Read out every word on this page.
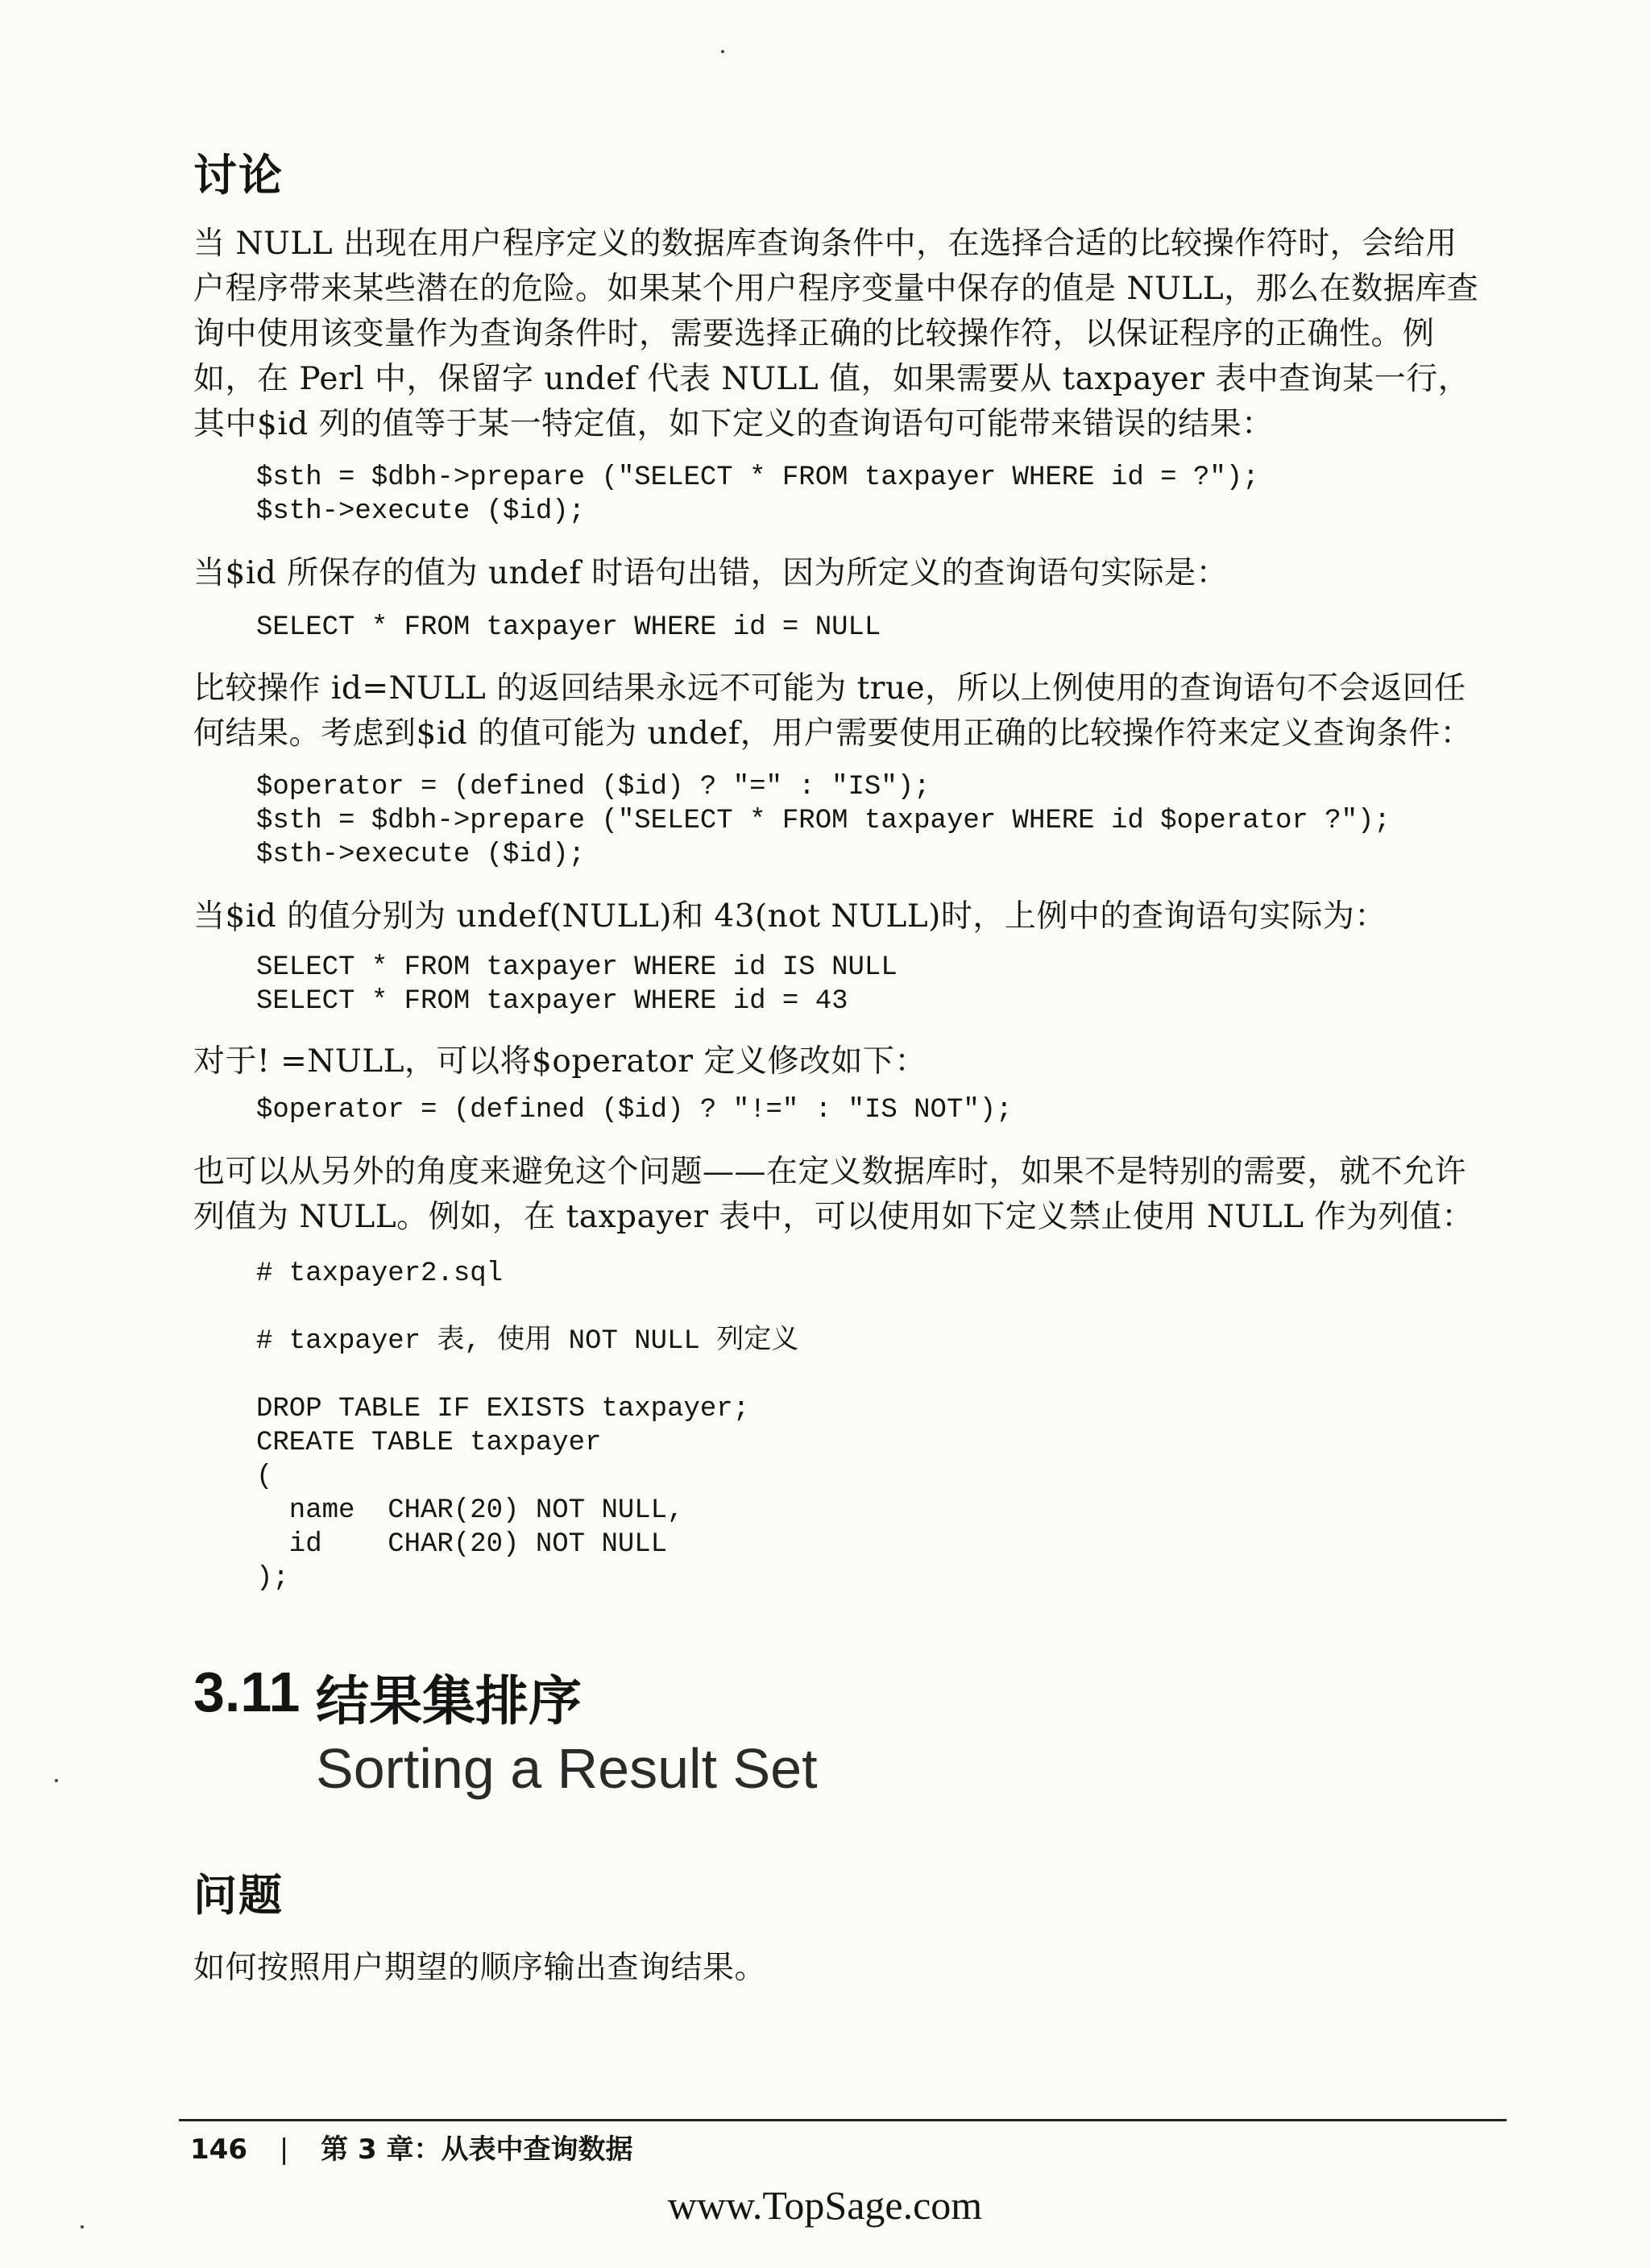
讨论

当 NULL 出现在用户程序定义的数据库查询条件中，在选择合适的比较操作符时，会给用户程序带来某些潜在的危险。如果某个用户程序变量中保存的值是 NULL，那么在数据库查询中使用该变量作为查询条件时，需要选择正确的比较操作符，以保证程序的正确性。例如，在 Perl 中，保留字 undef 代表 NULL 值，如果需要从 taxpayer 表中查询某一行，其中$id 列的值等于某一特定值，如下定义的查询语句可能带来错误的结果：

$sth = $dbh->prepare ("SELECT * FROM taxpayer WHERE id = ?");
$sth->execute ($id);

当$id 所保存的值为 undef 时语句出错，因为所定义的查询语句实际是：

SELECT * FROM taxpayer WHERE id = NULL

比较操作 id=NULL 的返回结果永远不可能为 true，所以上例使用的查询语句不会返回任何结果。考虑到$id 的值可能为 undef，用户需要使用正确的比较操作符来定义查询条件：

$operator = (defined ($id) ? "=" : "IS");
$sth = $dbh->prepare ("SELECT * FROM taxpayer WHERE id $operator ?");
$sth->execute ($id);

当$id 的值分别为 undef(NULL)和 43(not NULL)时，上例中的查询语句实际为：

SELECT * FROM taxpayer WHERE id IS NULL
SELECT * FROM taxpayer WHERE id = 43

对于! =NULL，可以将$operator 定义修改如下：

$operator = (defined ($id) ? "!=" : "IS NOT");

也可以从另外的角度来避免这个问题——在定义数据库时，如果不是特别的需要，就不允许列值为 NULL。例如，在 taxpayer 表中，可以使用如下定义禁止使用 NULL 作为列值：

# taxpayer2.sql

# taxpayer 表, 使用 NOT NULL 列定义

DROP TABLE IF EXISTS taxpayer;
CREATE TABLE taxpayer
(
name  CHAR(20) NOT NULL,
id    CHAR(20) NOT NULL
);
3.11 结果集排序
Sorting a Result Set
问题

如何按照用户期望的顺序输出查询结果。

146 | 第 3 章：从表中查询数据
www.TopSage.com
